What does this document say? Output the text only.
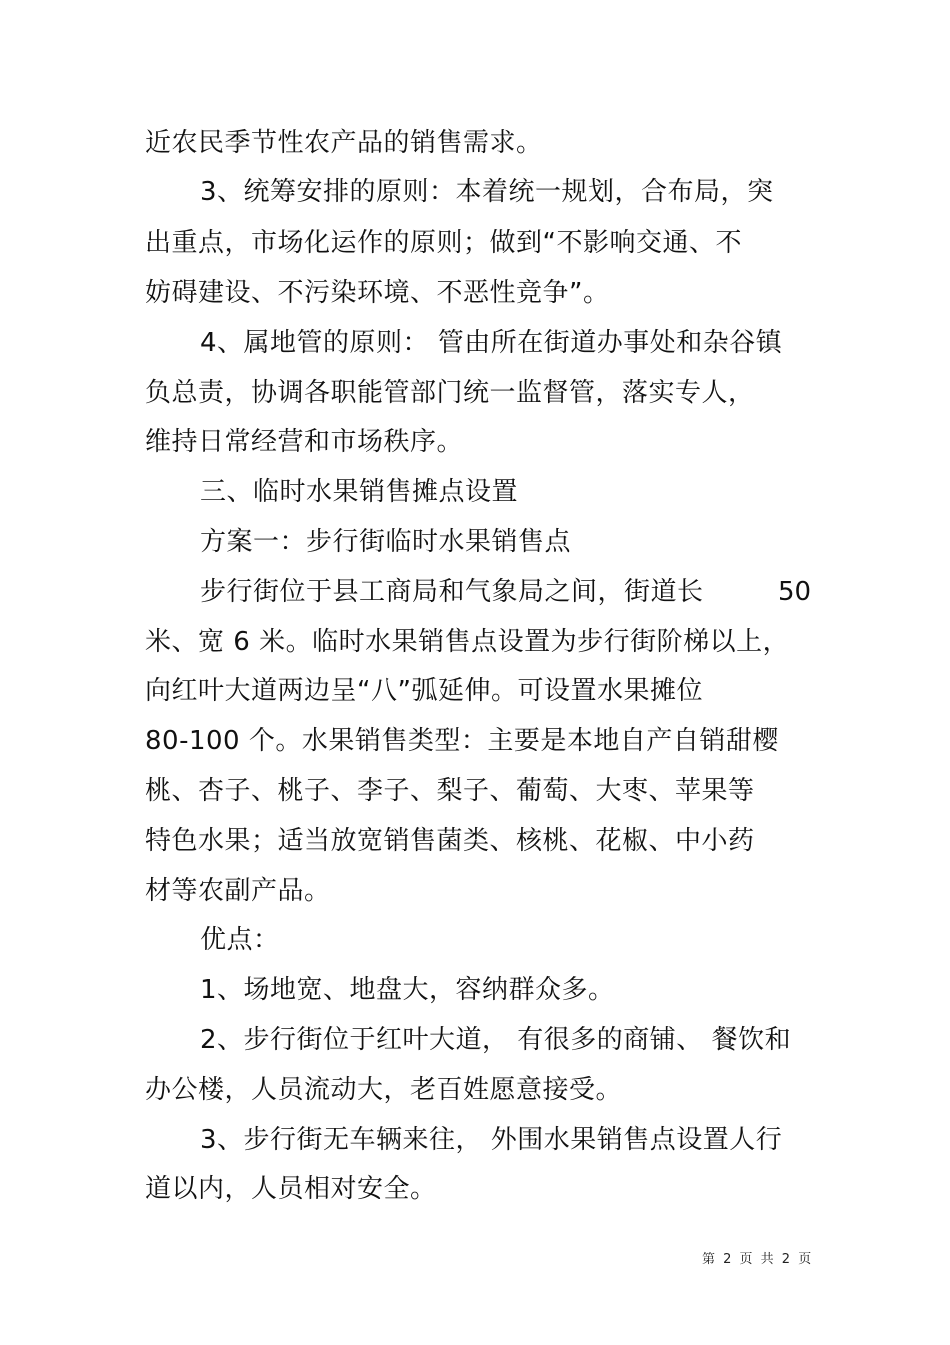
近农民季节性农产品的销售需求。
3、统筹安排的原则：本着统一规划，合布局，突
出重点，市场化运作的原则；做到“不影响交通、不
妨碍建设、不污染环境、不恶性竞争”。
4、属地管的原则： 管由所在街道办事处和杂谷镇
负总责，协调各职能管部门统一监督管，落实专人，
维持日常经营和市场秩序。
三、临时水果销售摊点设置
方案一：步行街临时水果销售点
步行街位于县工商局和气象局之间，街道长	50
米、宽 6 米。临时水果销售点设置为步行街阶梯以上，
向红叶大道两边呈“八”弧延伸。可设置水果摊位
80-100 个。水果销售类型：主要是本地自产自销甜樱
桃、杏子、桃子、李子、梨子、葡萄、大枣、苹果等
特色水果；适当放宽销售菌类、核桃、花椒、中小药
材等农副产品。
优点：
1、场地宽、地盘大，容纳群众多。
2、步行街位于红叶大道， 有很多的商铺、 餐饮和
办公楼，人员流动大，老百姓愿意接受。
3、步行街无车辆来往， 外围水果销售点设置人行
道以内，人员相对安全。
第 2 页 共 2 页
